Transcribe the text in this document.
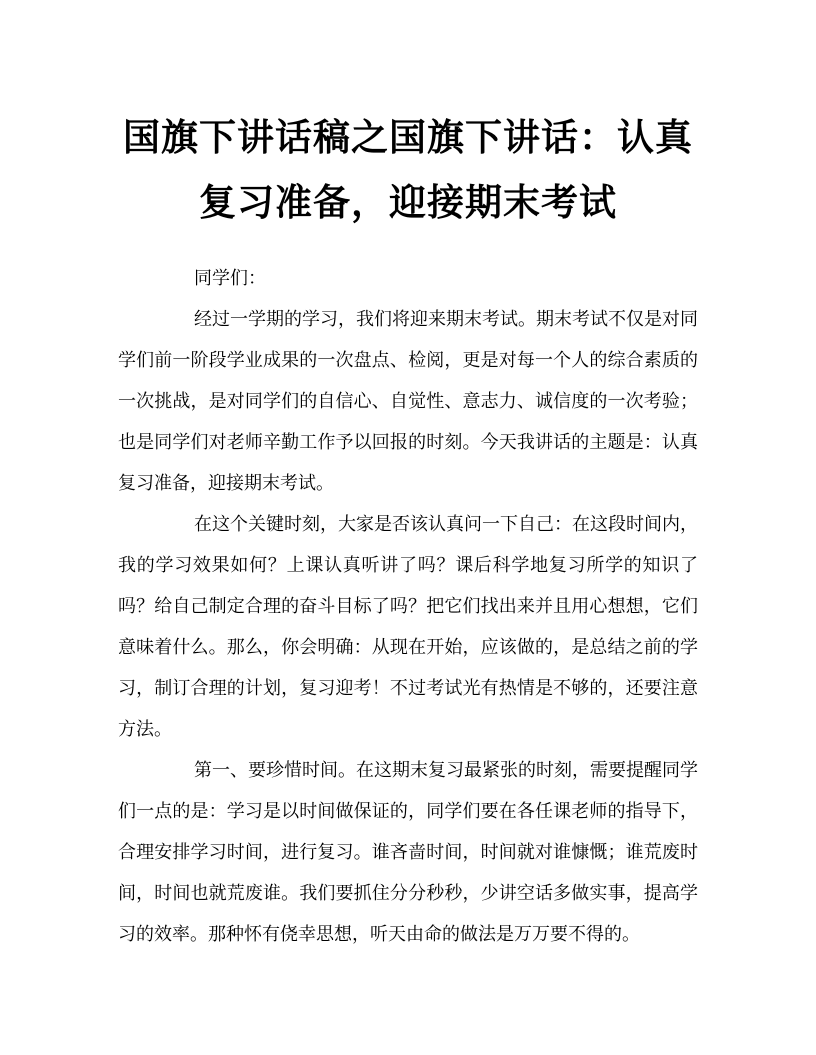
国旗下讲话稿之国旗下讲话：认真复习准备，迎接期末考试

同学们：

经过一学期的学习，我们将迎来期末考试。期末考试不仅是对同学们前一阶段学业成果的一次盘点、检阅，更是对每一个人的综合素质的一次挑战，是对同学们的自信心、自觉性、意志力、诚信度的一次考验；也是同学们对老师辛勤工作予以回报的时刻。今天我讲话的主题是：认真复习准备，迎接期末考试。

在这个关键时刻，大家是否该认真问一下自己：在这段时间内，我的学习效果如何？上课认真听讲了吗？课后科学地复习所学的知识了吗？给自己制定合理的奋斗目标了吗？把它们找出来并且用心想想，它们意味着什么。那么，你会明确：从现在开始，应该做的，是总结之前的学习，制订合理的计划，复习迎考！不过考试光有热情是不够的，还要注意方法。

第一、要珍惜时间。在这期末复习最紧张的时刻，需要提醒同学们一点的是：学习是以时间做保证的，同学们要在各任课老师的指导下，合理安排学习时间，进行复习。谁吝啬时间，时间就对谁慷慨；谁荒废时间，时间也就荒废谁。我们要抓住分分秒秒，少讲空话多做实事，提高学习的效率。那种怀有侥幸思想，听天由命的做法是万万要不得的。
